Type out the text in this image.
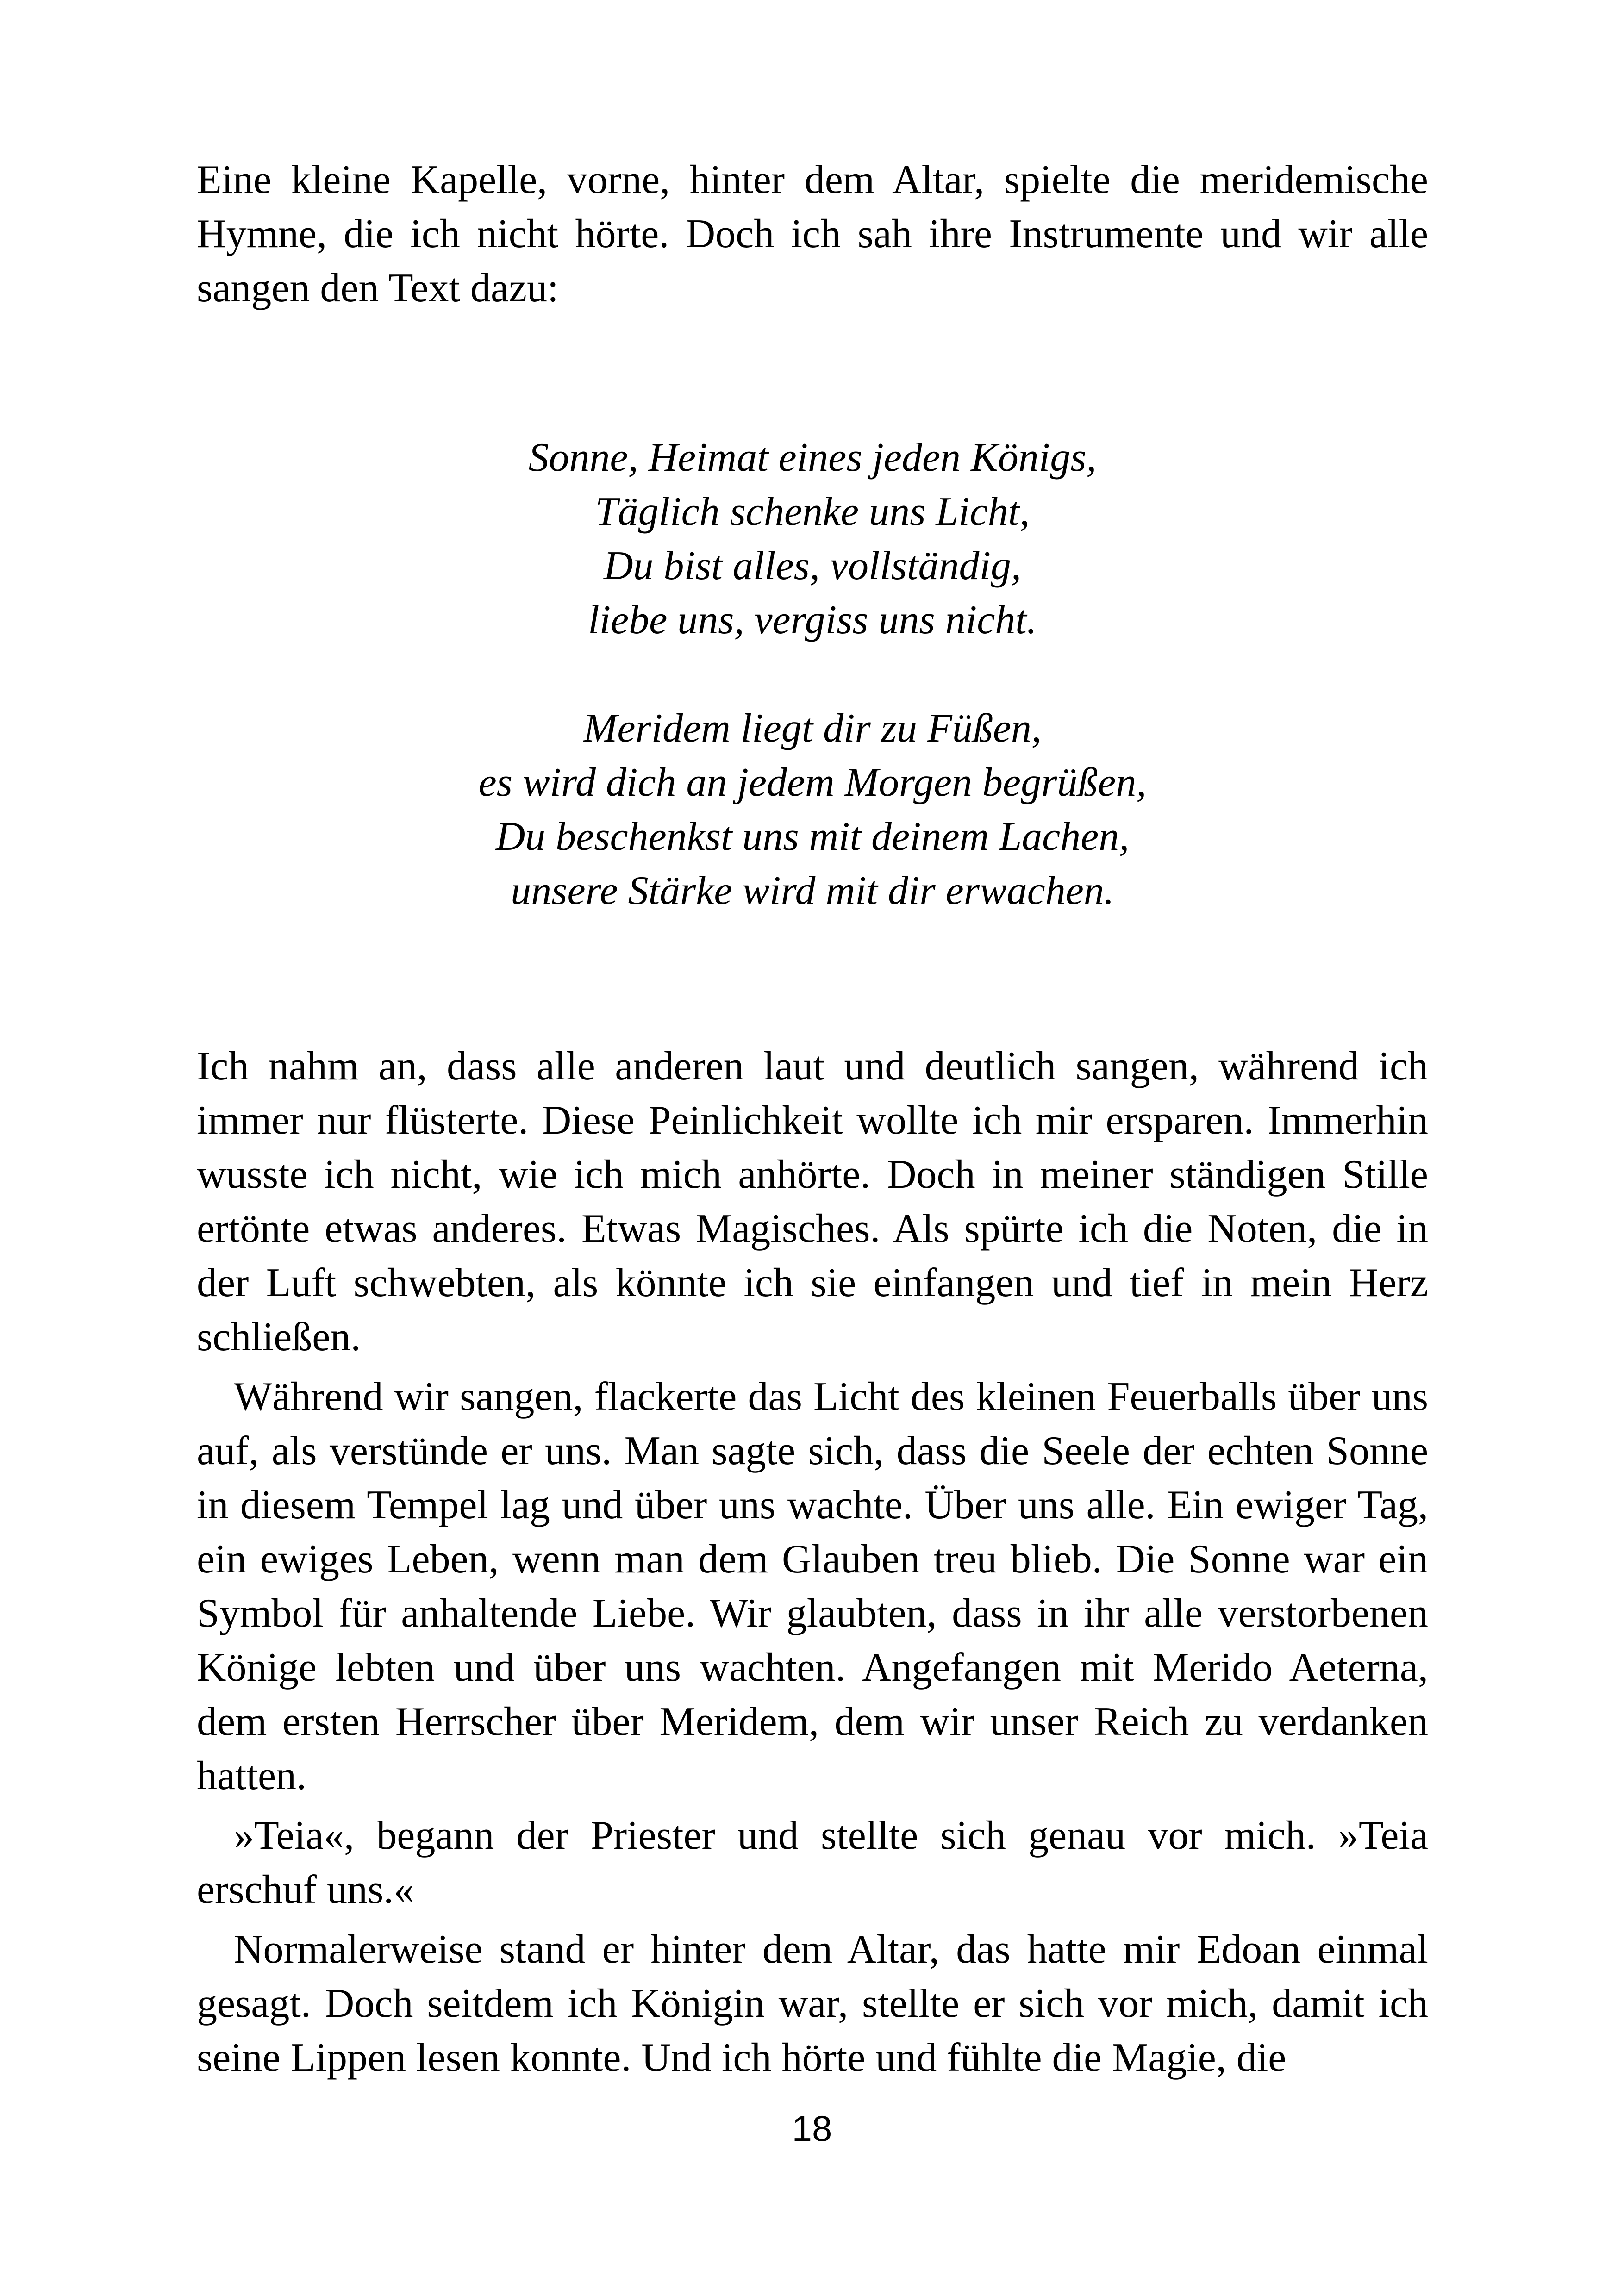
Eine kleine Kapelle, vorne, hinter dem Altar, spielte die meridemische Hymne, die ich nicht hörte. Doch ich sah ihre Instrumente und wir alle sangen den Text dazu:

Sonne, Heimat eines jeden Königs,
Täglich schenke uns Licht,
Du bist alles, vollständig,
liebe uns, vergiss uns nicht.

Meridem liegt dir zu Füßen,
es wird dich an jedem Morgen begrüßen,
Du beschenkst uns mit deinem Lachen,
unsere Stärke wird mit dir erwachen.

Ich nahm an, dass alle anderen laut und deutlich sangen, während ich immer nur flüsterte. Diese Peinlichkeit wollte ich mir ersparen. Immerhin wusste ich nicht, wie ich mich anhörte. Doch in meiner ständigen Stille ertönte etwas anderes. Etwas Magisches. Als spürte ich die Noten, die in der Luft schwebten, als könnte ich sie einfangen und tief in mein Herz schließen.

Während wir sangen, flackerte das Licht des kleinen Feuerballs über uns auf, als verstünde er uns. Man sagte sich, dass die Seele der echten Sonne in diesem Tempel lag und über uns wachte. Über uns alle. Ein ewiger Tag, ein ewiges Leben, wenn man dem Glauben treu blieb. Die Sonne war ein Symbol für anhaltende Liebe. Wir glaubten, dass in ihr alle verstorbenen Könige lebten und über uns wachten. Angefangen mit Merido Aeterna, dem ersten Herrscher über Meridem, dem wir unser Reich zu verdanken hatten.

»Teia«, begann der Priester und stellte sich genau vor mich. »Teia erschuf uns.«

Normalerweise stand er hinter dem Altar, das hatte mir Edoan einmal gesagt. Doch seitdem ich Königin war, stellte er sich vor mich, damit ich seine Lippen lesen konnte. Und ich hörte und fühlte die Magie, die

18
